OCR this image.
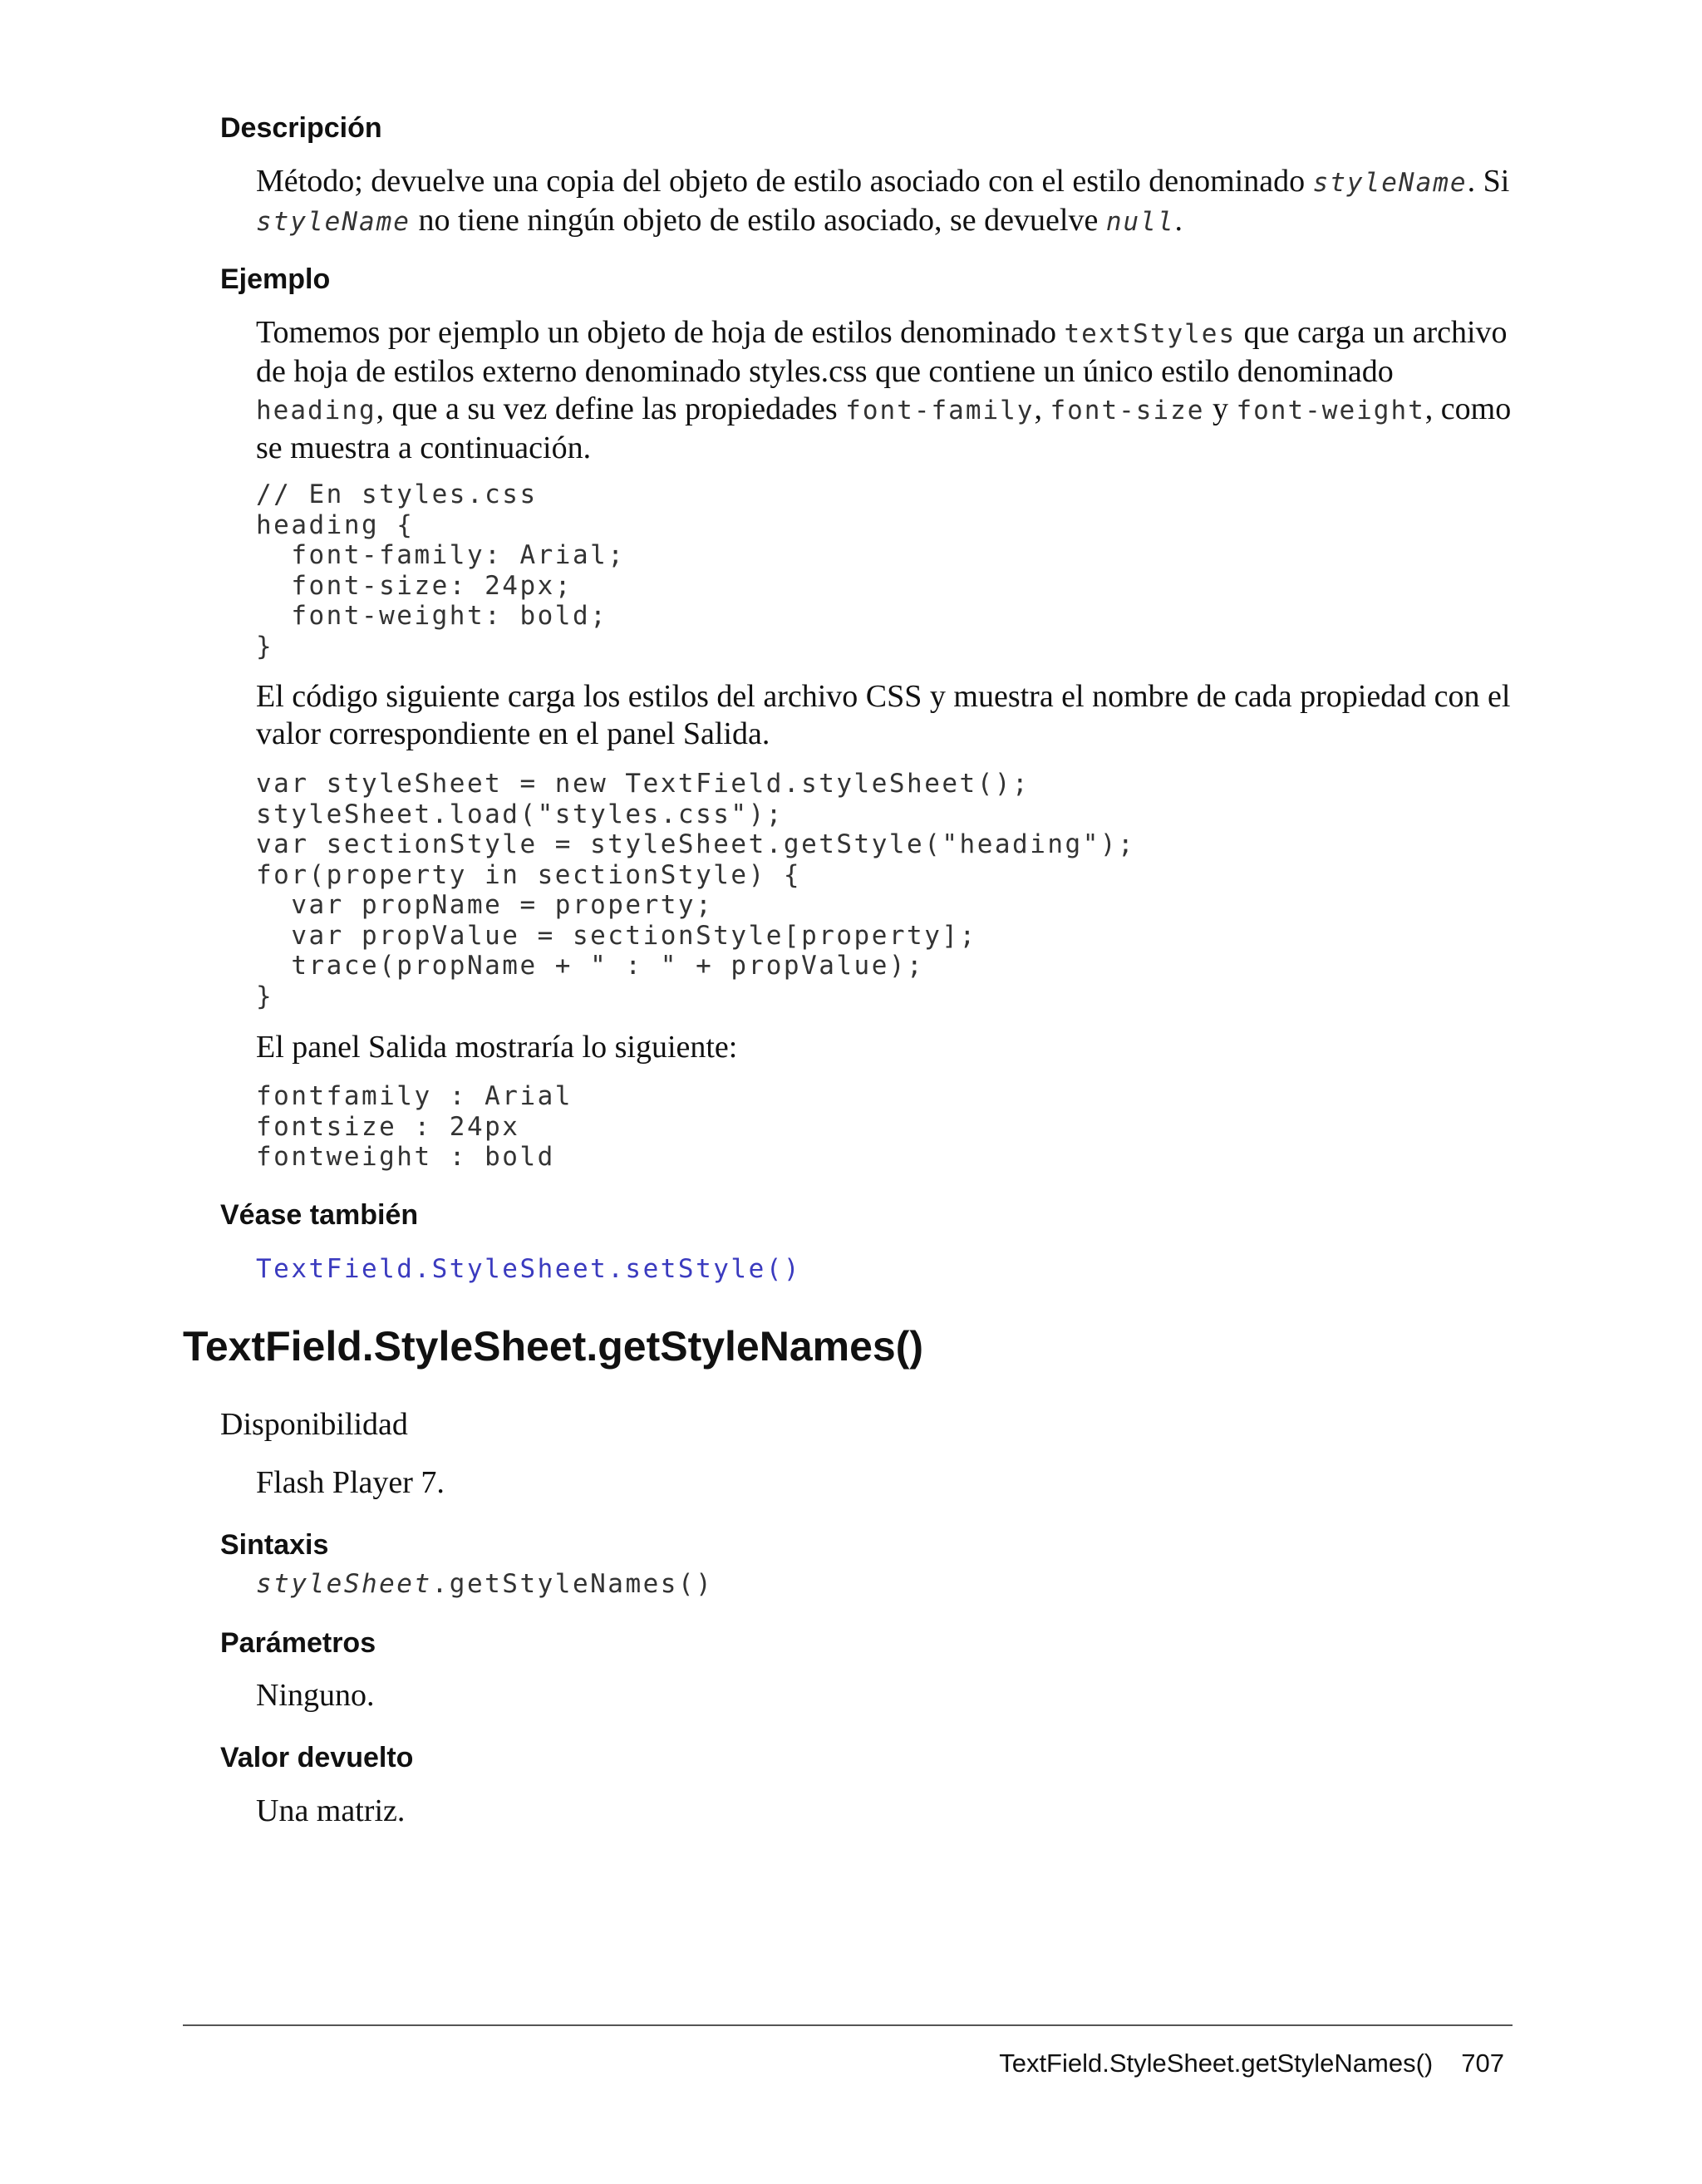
Descripción
Método; devuelve una copia del objeto de estilo asociado con el estilo denominado styleName. Si styleName no tiene ningún objeto de estilo asociado, se devuelve null.
Ejemplo
Tomemos por ejemplo un objeto de hoja de estilos denominado textStyles que carga un archivo de hoja de estilos externo denominado styles.css que contiene un único estilo denominado heading, que a su vez define las propiedades font-family, font-size y font-weight, como se muestra a continuación.
// En styles.css
heading {
font-family: Arial;
font-size: 24px;
font-weight: bold;
}
El código siguiente carga los estilos del archivo CSS y muestra el nombre de cada propiedad con el valor correspondiente en el panel Salida.
var styleSheet = new TextField.styleSheet();
styleSheet.load("styles.css");
var sectionStyle = styleSheet.getStyle("heading");
for(property in sectionStyle) {
var propName = property;
var propValue = sectionStyle[property];
trace(propName + " : " + propValue);
}
El panel Salida mostraría lo siguiente:
fontfamily : Arial
fontsize : 24px
fontweight : bold
Véase también
TextField.StyleSheet.setStyle()
TextField.StyleSheet.getStyleNames()
Disponibilidad
Flash Player 7.
Sintaxis
styleSheet.getStyleNames()
Parámetros
Ninguno.
Valor devuelto
Una matriz.
TextField.StyleSheet.getStyleNames() 707
